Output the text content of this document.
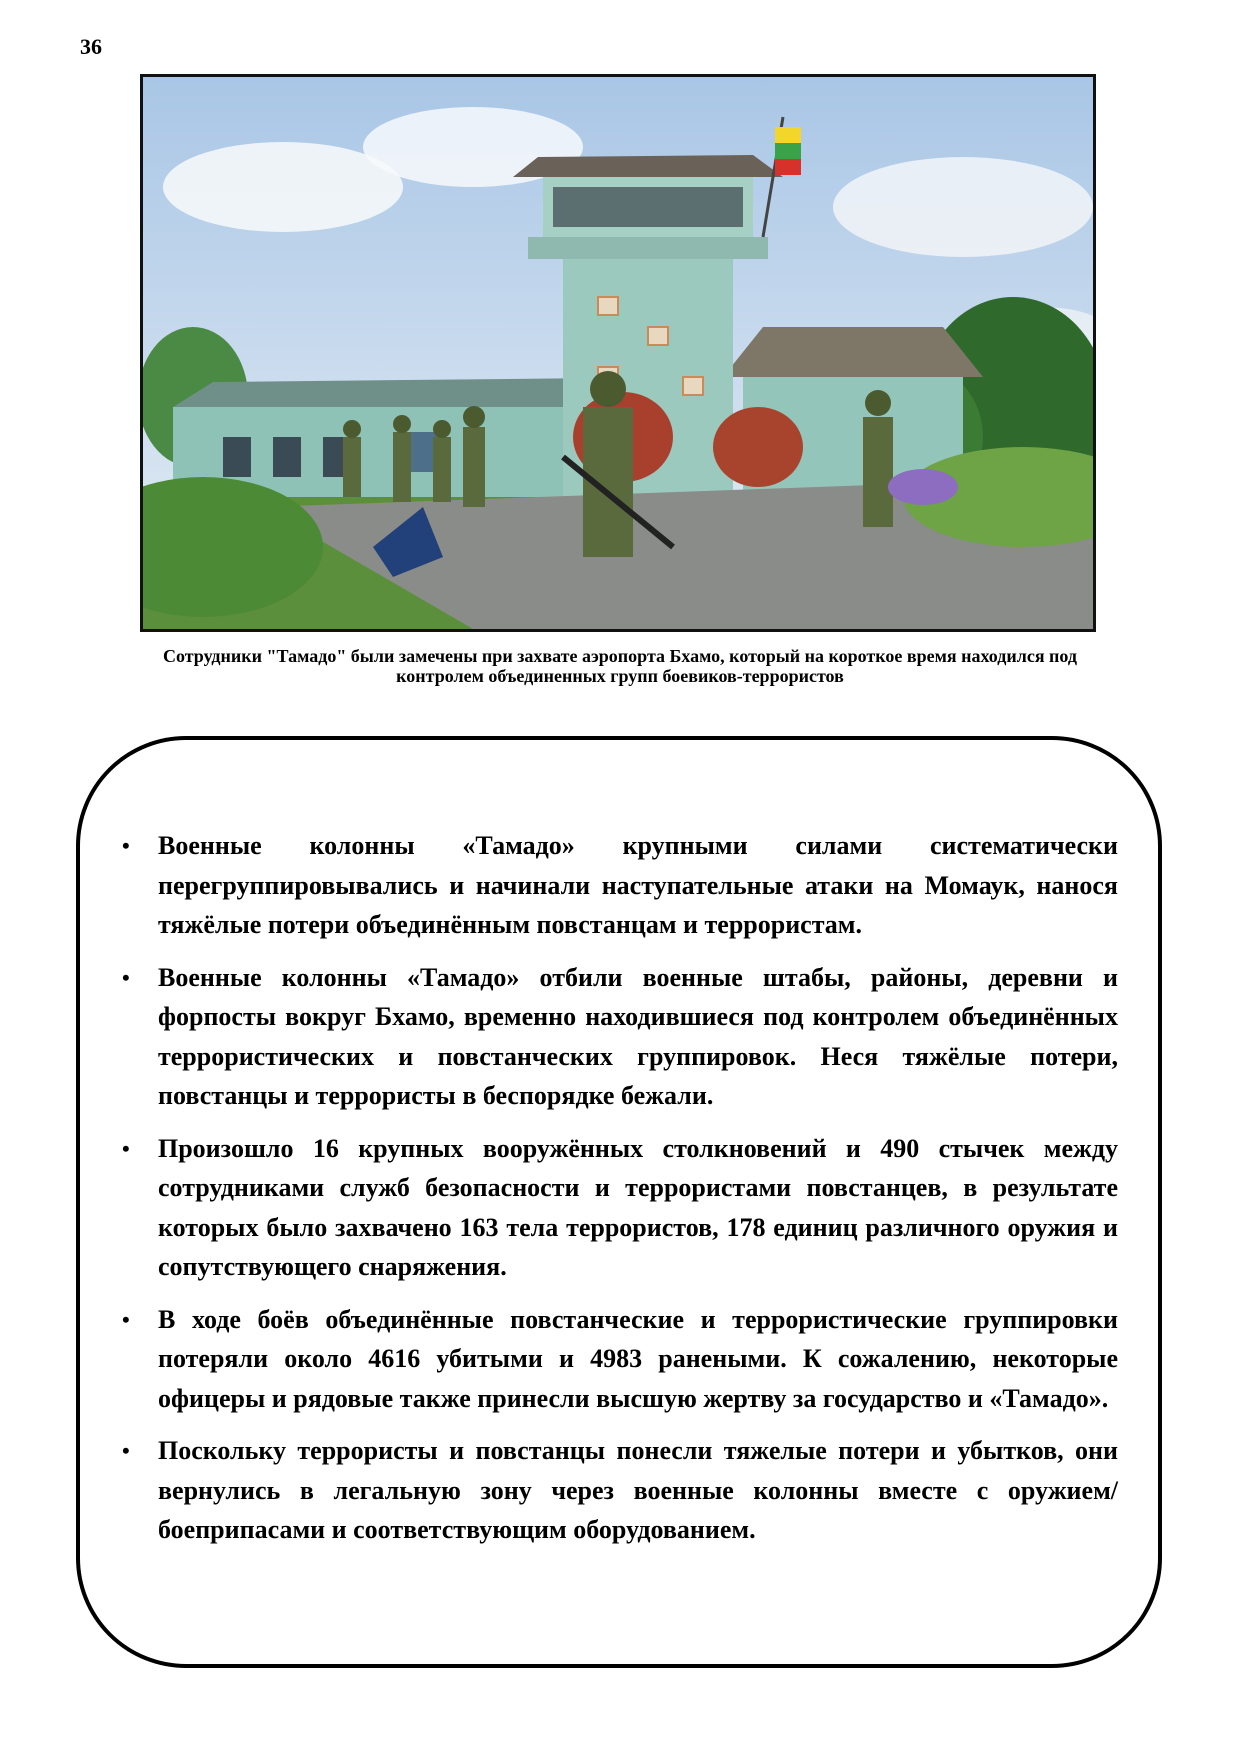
36
Сотрудники "Тамадо" были замечены при захвате аэропорта Бхамо, который на короткое время находился под
контролем объединенных групп боевиков-террористов
• Военные колонны «Тамадо» крупными силами систематически перегруппировывались и начинали наступательные атаки на Момаук, нанося тяжёлые потери объединённым повстанцам и террористам.
• Военные колонны «Тамадо» отбили военные штабы, районы, деревни и форпосты вокруг Бхамо, временно находившиеся под контролем объединённых террористических и повстанческих группировок. Неся тяжёлые потери, повстанцы и террористы в беспорядке бежали.
• Произошло 16 крупных вооружённых столкновений и 490 стычек между сотрудниками служб безопасности и террористами повстанцев, в результате которых было захвачено 163 тела террористов, 178 единиц различного оружия и сопутствующего снаряжения.
• В ходе боёв объединённые повстанческие и террористические группировки потеряли около 4616 убитыми и 4983 ранеными. К сожалению, некоторые офицеры и рядовые также принесли высшую жертву за государство и «Тамадо».
• Поскольку террористы и повстанцы понесли тяжелые потери и убытков, они вернулись в легальную зону через военные колонны вместе с оружием/боеприпасами и соответствующим оборудованием.
